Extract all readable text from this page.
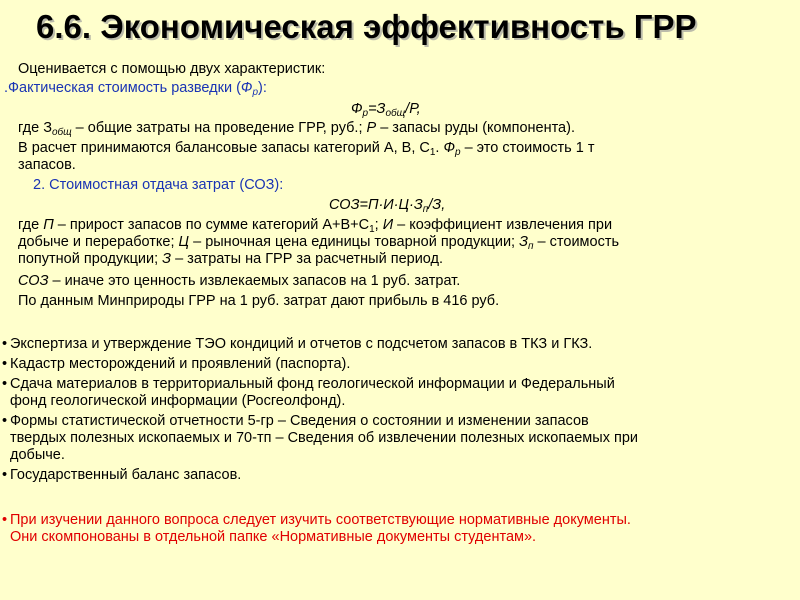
6.6. Экономическая эффективность ГРР
Оценивается с помощью двух характеристик:
.Фактическая стоимость разведки $(Ф_р)$:
$Ф_р=З_{общ}/Р$,
где $З_{общ}$ – общие затраты на проведение ГРР, руб.; Р – запасы руды (компонента).
В расчет принимаются балансовые запасы категорий А, В, $С_1$. $Ф_р$ – это стоимость 1 т
запасов.
2. Стоимостная отдача затрат (СОЗ):
$СОЗ=П\cdot И\cdot Ц\cdot З_п/З$,
где П – прирост запасов по сумме категорий $А+В+С_1$; И – коэффициент извлечения при
добыче и переработке; Ц – рыночная цена единицы товарной продукции; $З_п$ – стоимость
попутной продукции; З – затраты на ГРР за расчетный период.
СОЗ – иначе это ценность извлекаемых запасов на 1 руб. затрат.
По данным Минприроды ГРР на 1 руб. затрат дают прибыль в 416 руб.
• Экспертиза и утверждение ТЭО кондиций и отчетов с подсчетом запасов в ТКЗ и ГКЗ.
• Кадастр месторождений и проявлений (паспорта).
• Сдача материалов в территориальный фонд геологической информации и Федеральный
фонд геологической информации (Росгеолфонд).
• Формы статистической отчетности 5-гр – Сведения о состоянии и изменении запасов
твердых полезных ископаемых и 70-тп – Сведения об извлечении полезных ископаемых при
добыче.
• Государственный баланс запасов.
• При изучении данного вопроса следует изучить соответствующие нормативные документы.
Они скомпонованы в отдельной папке «Нормативные документы студентам».
